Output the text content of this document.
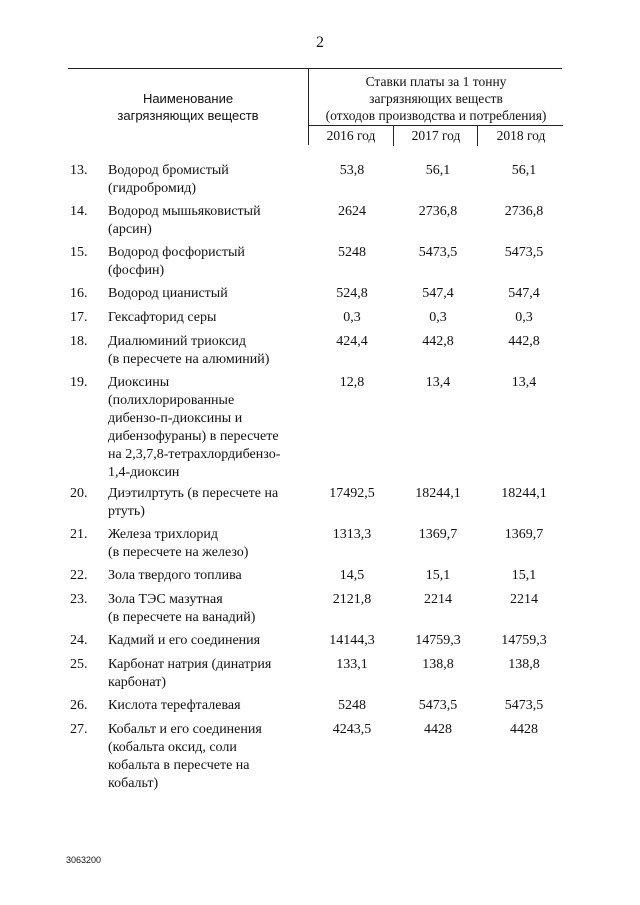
2
Наименование
загрязняющих веществ
Ставки платы за 1 тонну
загрязняющих веществ
(отходов производства и потребления)
2016 год	2017 год	2018 год
13.	Водород бромистый
(гидробромид)
53,8	56,1	56,1
14.	Водород мышьяковистый
(арсин)
2624	2736,8	2736,8
15.	Водород фосфористый
(фосфин)
5248	5473,5	5473,5
16.	Водород цианистый	524,8	547,4	547,4
17.	Гексафторид серы	0,3	0,3	0,3
18.	Диалюминий триоксид
(в пересчете на алюминий)
424,4	442,8	442,8
19.	Диоксины
(полихлорированные
дибензо-п-диоксины и
дибензофураны) в пересчете
на 2,3,7,8-тетрахлордибензо-
1,4-диоксин
12,8	13,4	13,4
20.	Диэтилртуть (в пересчете на
ртуть)
17492,5	18244,1	18244,1
21.	Железа трихлорид
(в пересчете на железо)
1313,3	1369,7	1369,7
22.	Зола твердого топлива	14,5	15,1	15,1
23.	Зола ТЭС мазутная
(в пересчете на ванадий)
2121,8	2214	2214
24.	Кадмий и его соединения	14144,3	14759,3	14759,3
25.	Карбонат натрия (динатрия
карбонат)
133,1	138,8	138,8
26.	Кислота терефталевая	5248	5473,5	5473,5
27.	Кобальт и его соединения
(кобальта оксид, соли
кобальта в пересчете на
кобальт)
4243,5	4428	4428
3063200
